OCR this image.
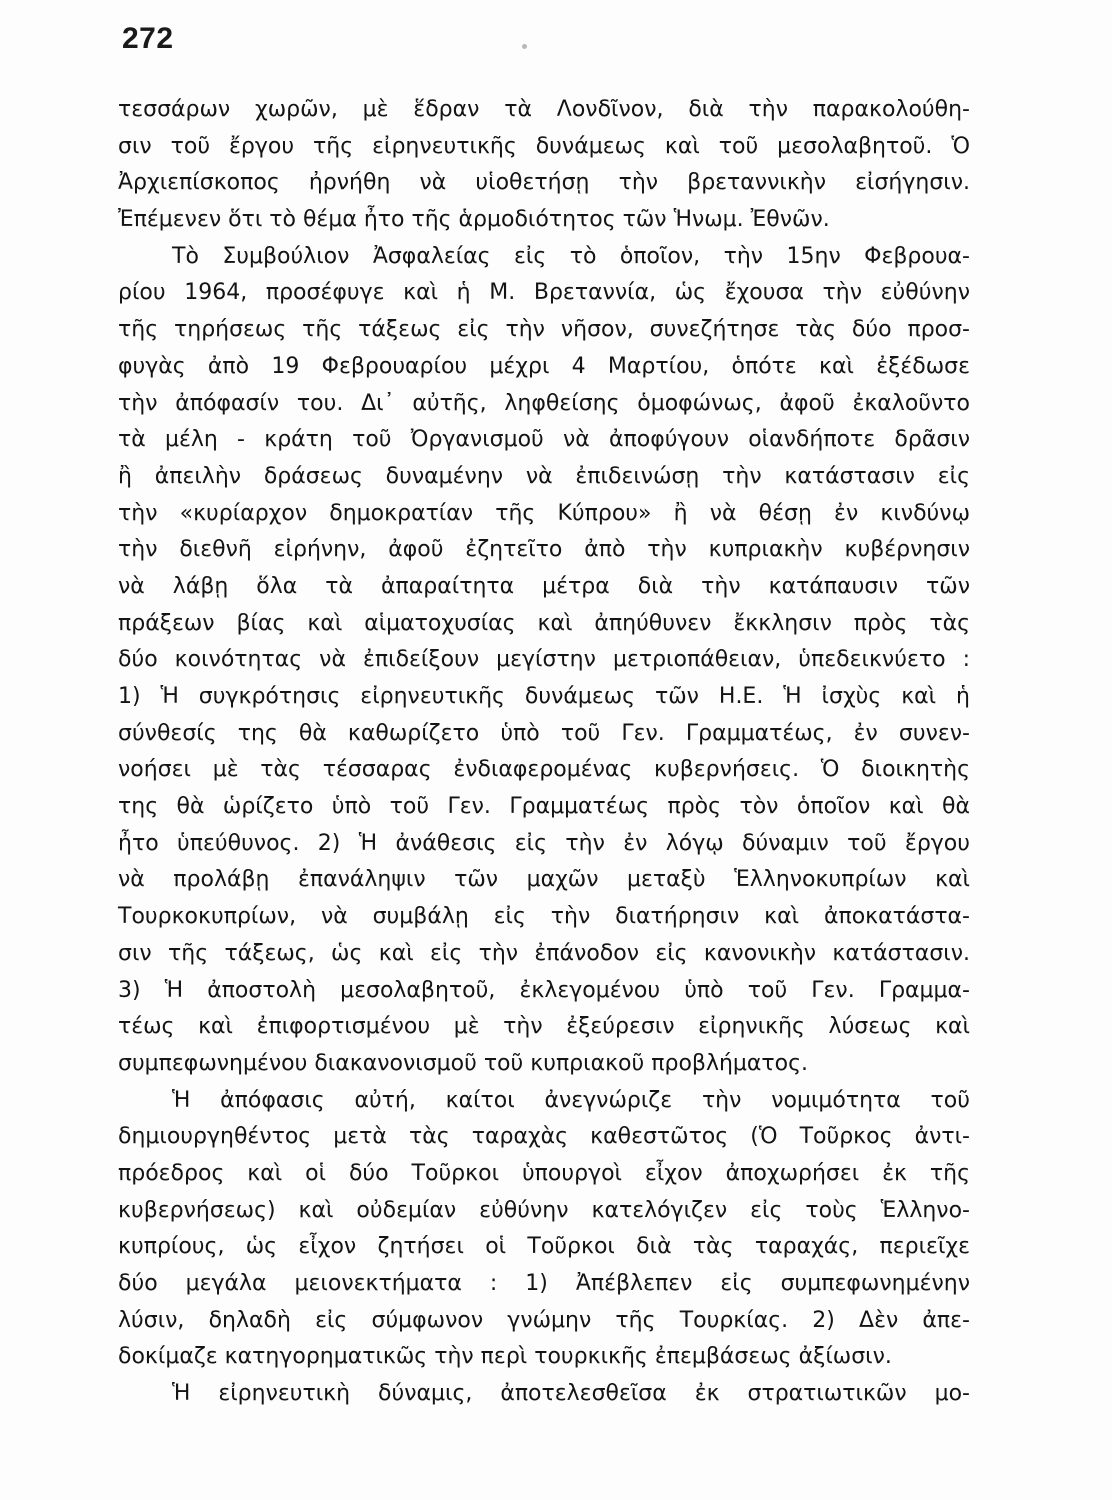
272
τεσσάρων χωρῶν, μὲ ἕδραν τὰ Λονδῖνον, διὰ τὴν παρακολούθη-
σιν τοῦ ἔργου τῆς εἰρηνευτικῆς δυνάμεως καὶ τοῦ μεσολαβητοῦ. Ὁ
Ἀρχιεπίσκοπος ἠρνήθη νὰ υἱοθετήσῃ τὴν βρεταννικὴν εἰσήγησιν.
Ἐπέμενεν ὅτι τὸ θέμα ἦτο τῆς ἁρμοδιότητος τῶν Ἡνωμ. Ἐθνῶν.
Τὸ Συμβούλιον Ἀσφαλείας εἰς τὸ ὁποῖον, τὴν 15ην Φεβρουα-
ρίου 1964, προσέφυγε καὶ ἡ Μ. Βρεταννία, ὡς ἔχουσα τὴν εὐθύνην
τῆς τηρήσεως τῆς τάξεως εἰς τὴν νῆσον, συνεζήτησε τὰς δύο προσ-
φυγὰς ἀπὸ 19 Φεβρουαρίου μέχρι 4 Μαρτίου, ὁπότε καὶ ἐξέδωσε
τὴν ἀπόφασίν του. Δι᾿ αὐτῆς, ληφθείσης ὁμοφώνως, ἀφοῦ ἐκαλοῦντο
τὰ μέλη - κράτη τοῦ Ὀργανισμοῦ νὰ ἀποφύγουν οἱανδήποτε δρᾶσιν
ἢ ἀπειλὴν δράσεως δυναμένην νὰ ἐπιδεινώσῃ τὴν κατάστασιν εἰς
τὴν «κυρίαρχον δημοκρατίαν τῆς Κύπρου» ἢ νὰ θέσῃ ἐν κινδύνῳ
τὴν διεθνῆ εἰρήνην, ἀφοῦ ἐζητεῖτο ἀπὸ τὴν κυπριακὴν κυβέρνησιν
νὰ λάβῃ ὅλα τὰ ἀπαραίτητα μέτρα διὰ τὴν κατάπαυσιν τῶν
πράξεων βίας καὶ αἱματοχυσίας καὶ ἀπηύθυνεν ἔκκλησιν πρὸς τὰς
δύο κοινότητας νὰ ἐπιδείξουν μεγίστην μετριοπάθειαν, ὑπεδεικνύετο :
1) Ἡ συγκρότησις εἰρηνευτικῆς δυνάμεως τῶν Η.Ε. Ἡ ἰσχὺς καὶ ἡ
σύνθεσίς της θὰ καθωρίζετο ὑπὸ τοῦ Γεν. Γραμματέως, ἐν συνεν-
νοήσει μὲ τὰς τέσσαρας ἐνδιαφερομένας κυβερνήσεις. Ὁ διοικητὴς
της θὰ ὡρίζετο ὑπὸ τοῦ Γεν. Γραμματέως πρὸς τὸν ὁποῖον καὶ θὰ
ἦτο ὑπεύθυνος. 2) Ἡ ἀνάθεσις εἰς τὴν ἐν λόγῳ δύναμιν τοῦ ἔργου
νὰ προλάβῃ ἐπανάληψιν τῶν μαχῶν μεταξὺ Ἑλληνοκυπρίων καὶ
Τουρκοκυπρίων, νὰ συμβάλῃ εἰς τὴν διατήρησιν καὶ ἀποκατάστα-
σιν τῆς τάξεως, ὡς καὶ εἰς τὴν ἐπάνοδον εἰς κανονικὴν κατάστασιν.
3) Ἡ ἀποστολὴ μεσολαβητοῦ, ἐκλεγομένου ὑπὸ τοῦ Γεν. Γραμμα-
τέως καὶ ἐπιφορτισμένου μὲ τὴν ἐξεύρεσιν εἰρηνικῆς λύσεως καὶ
συμπεφωνημένου διακανονισμοῦ τοῦ κυπριακοῦ προβλήματος.
Ἡ ἀπόφασις αὐτή, καίτοι ἀνεγνώριζε τὴν νομιμότητα τοῦ
δημιουργηθέντος μετὰ τὰς ταραχὰς καθεστῶτος (Ὁ Τοῦρκος ἀντι-
πρόεδρος καὶ οἱ δύο Τοῦρκοι ὑπουργοὶ εἶχον ἀποχωρήσει ἐκ τῆς
κυβερνήσεως) καὶ οὐδεμίαν εὐθύνην κατελόγιζεν εἰς τοὺς Ἑλληνο-
κυπρίους, ὡς εἶχον ζητήσει οἱ Τοῦρκοι διὰ τὰς ταραχάς, περιεῖχε
δύο μεγάλα μειονεκτήματα : 1) Ἀπέβλεπεν εἰς συμπεφωνημένην
λύσιν, δηλαδὴ εἰς σύμφωνον γνώμην τῆς Τουρκίας. 2) Δὲν ἀπε-
δοκίμαζε κατηγορηματικῶς τὴν περὶ τουρκικῆς ἐπεμβάσεως ἀξίωσιν.
Ἡ εἰρηνευτικὴ δύναμις, ἀποτελεσθεῖσα ἐκ στρατιωτικῶν μο-
